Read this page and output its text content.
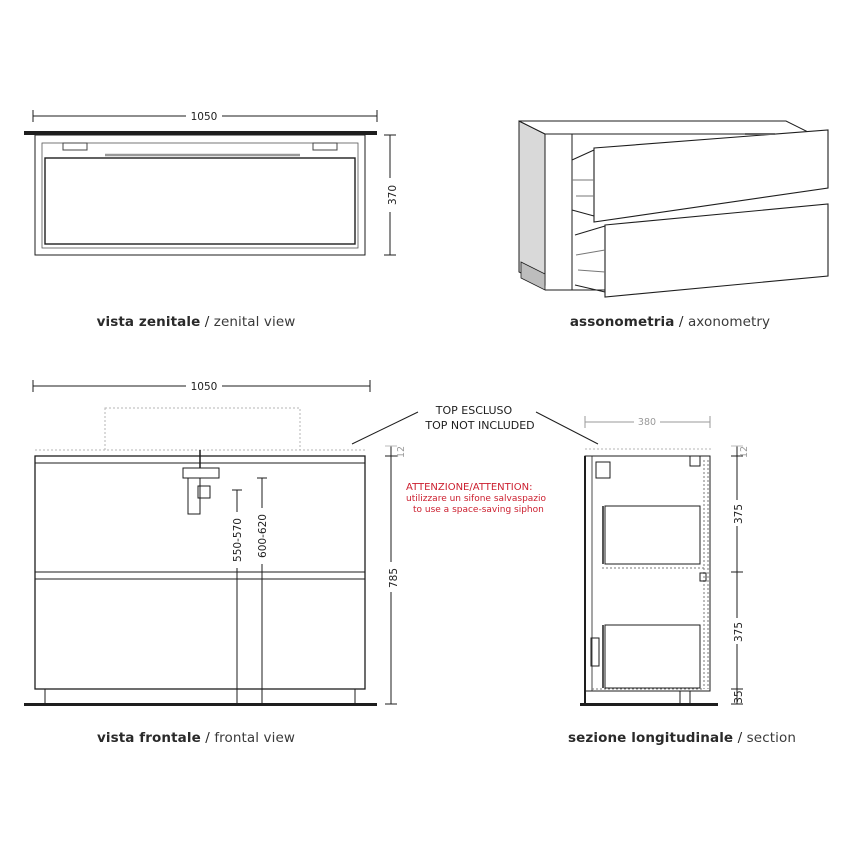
1050
370
1050
550-570 600-620
785
12
TOP ESCLUSO
TOP NOT INCLUDED
ATTENZIONE/ATTENTION:
utilizzare un sifone salvaspazio
to use a space-saving siphon
380
12
375
375
35
vista zenitale / zenital view	assonometria / axonometry
vista frontale / frontal view	sezione longitudinale / section
